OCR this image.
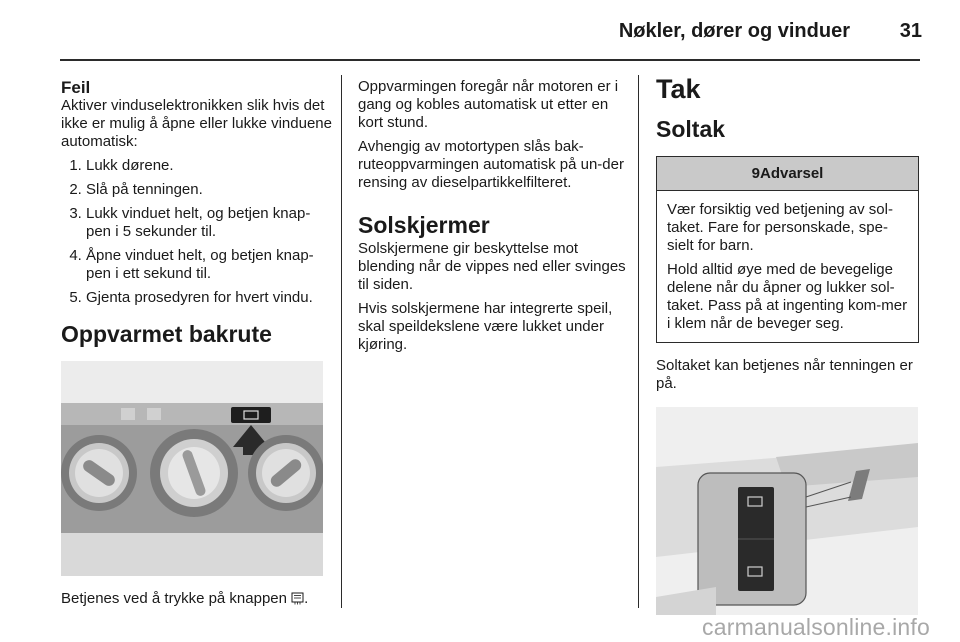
Nøkler, dører og vinduer	31
Feil

Aktiver vinduselektronikken slik hvis det ikke er mulig å åpne eller lukke vinduene automatisk:

1. Lukk dørene.
2. Slå på tenningen.
3. Lukk vinduet helt, og betjen knap-pen i 5 sekunder til.
4. Åpne vinduet helt, og betjen knap-pen i ett sekund til.
5. Gjenta prosedyren for hvert vindu.
Oppvarmet bakrute
Betjenes ved å trykke på knappen .

Oppvarmingen foregår når motoren er i gang og kobles automatisk ut etter en kort stund.

Avhengig av motortypen slås bak-ruteoppvarmingen automatisk på un-der rensing av dieselpartikkelfilteret.

Solskjermer

Solskjermene gir beskyttelse mot blending når de vippes ned eller svinges til siden.

Hvis solskjermene har integrerte speil, skal speildekslene være lukket under kjøring.

Tak
Soltak
9Advarsel

Vær forsiktig ved betjening av sol-taket. Fare for personskade, spe-sielt for barn.

Hold alltid øye med de bevegelige delene når du åpner og lukker sol-taket. Pass på at ingenting kom-mer i klem når de beveger seg.

Soltaket kan betjenes når tenningen er på.

carmanualsonline.info
